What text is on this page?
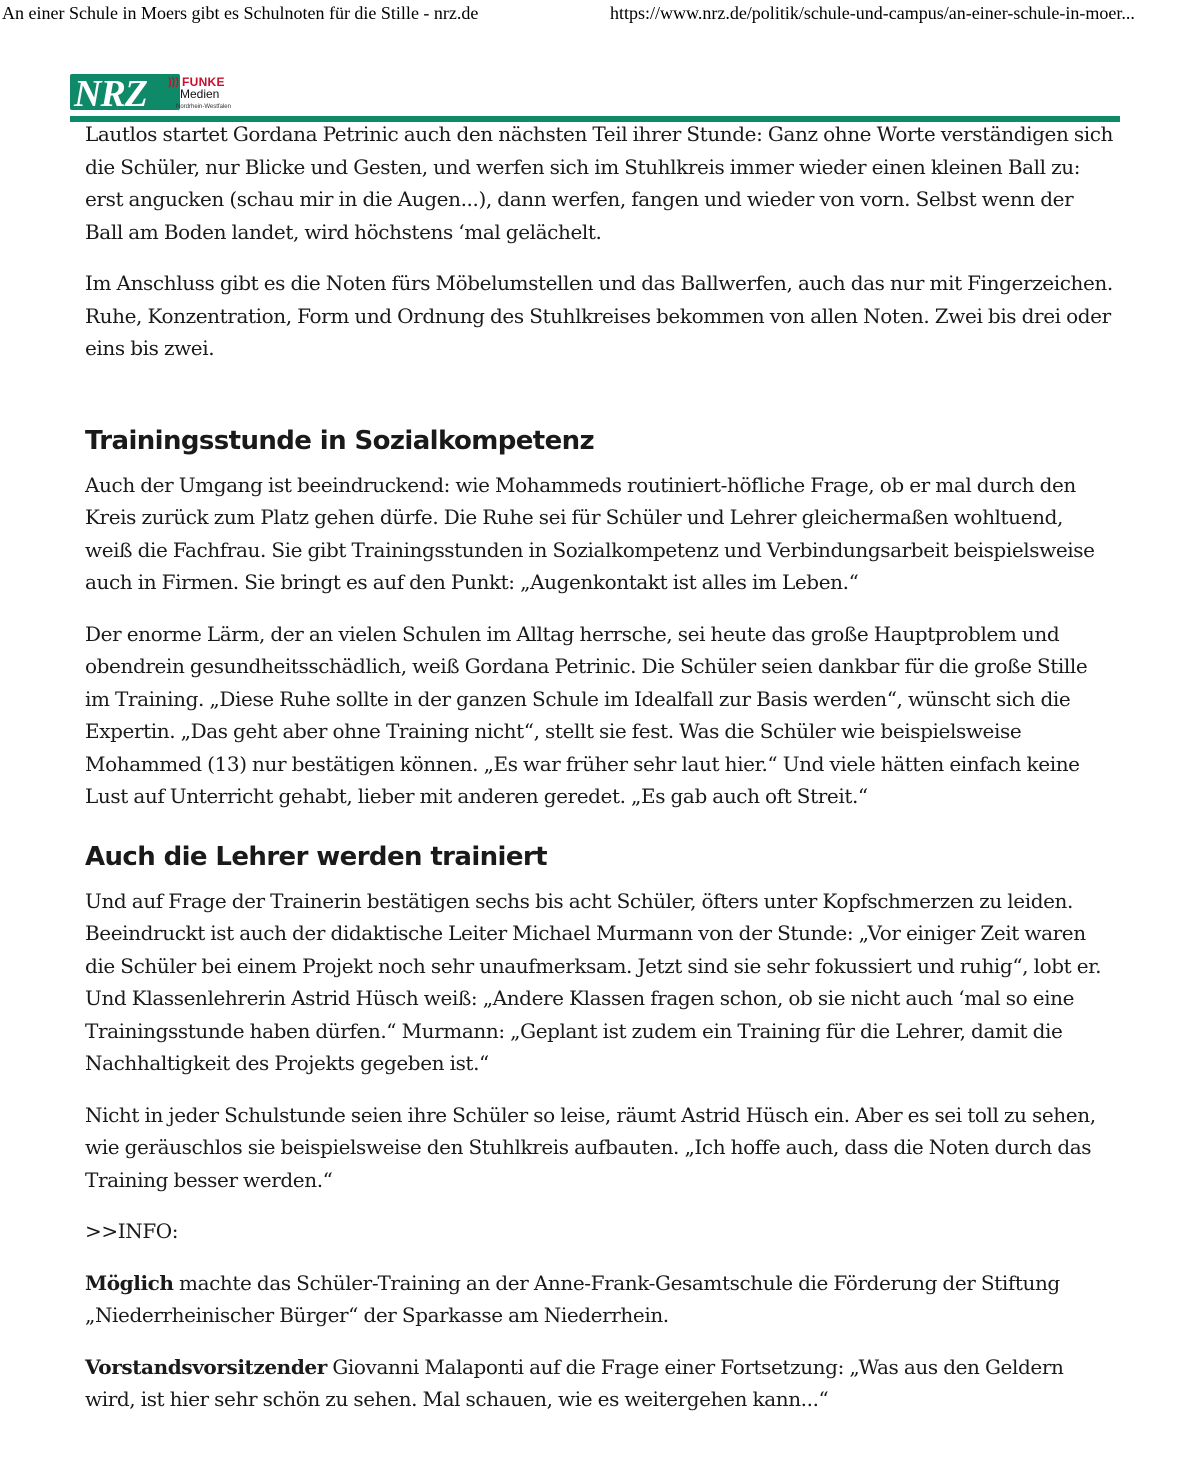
An einer Schule in Moers gibt es Schulnoten für die Stille - nrz.de	https://www.nrz.de/politik/schule-und-campus/an-einer-schule-in-moer...
NRZ ))) FUNKE
Medien
Nordrhein-Westfalen

Lautlos startet Gordana Petrinic auch den nächsten Teil ihrer Stunde: Ganz ohne Worte verständigen sich die Schüler, nur Blicke und Gesten, und werfen sich im Stuhlkreis immer wieder einen kleinen Ball zu: erst angucken (schau mir in die Augen...), dann werfen, fangen und wieder von vorn. Selbst wenn der Ball am Boden landet, wird höchstens ‘mal gelächelt.

Im Anschluss gibt es die Noten fürs Möbelumstellen und das Ballwerfen, auch das nur mit Fingerzeichen. Ruhe, Konzentration, Form und Ordnung des Stuhlkreises bekommen von allen Noten. Zwei bis drei oder eins bis zwei.

Trainingsstunde in Sozialkompetenz

Auch der Umgang ist beeindruckend: wie Mohammeds routiniert-höfliche Frage, ob er mal durch den Kreis zurück zum Platz gehen dürfe. Die Ruhe sei für Schüler und Lehrer gleichermaßen wohltuend, weiß die Fachfrau. Sie gibt Trainingsstunden in Sozialkompetenz und Verbindungsarbeit beispielsweise auch in Firmen. Sie bringt es auf den Punkt: „Augenkontakt ist alles im Leben.“

Der enorme Lärm, der an vielen Schulen im Alltag herrsche, sei heute das große Hauptproblem und obendrein gesundheitsschädlich, weiß Gordana Petrinic. Die Schüler seien dankbar für die große Stille im Training. „Diese Ruhe sollte in der ganzen Schule im Idealfall zur Basis werden“, wünscht sich die Expertin. „Das geht aber ohne Training nicht“, stellt sie fest. Was die Schüler wie beispielsweise Mohammed (13) nur bestätigen können. „Es war früher sehr laut hier.“ Und viele hätten einfach keine Lust auf Unterricht gehabt, lieber mit anderen geredet. „Es gab auch oft Streit.“

Auch die Lehrer werden trainiert

Und auf Frage der Trainerin bestätigen sechs bis acht Schüler, öfters unter Kopfschmerzen zu leiden. Beeindruckt ist auch der didaktische Leiter Michael Murmann von der Stunde: „Vor einiger Zeit waren die Schüler bei einem Projekt noch sehr unaufmerksam. Jetzt sind sie sehr fokussiert und ruhig“, lobt er. Und Klassenlehrerin Astrid Hüsch weiß: „Andere Klassen fragen schon, ob sie nicht auch ‘mal so eine Trainingsstunde haben dürfen.“ Murmann: „Geplant ist zudem ein Training für die Lehrer, damit die Nachhaltigkeit des Projekts gegeben ist.“

Nicht in jeder Schulstunde seien ihre Schüler so leise, räumt Astrid Hüsch ein. Aber es sei toll zu sehen, wie geräuschlos sie beispielsweise den Stuhlkreis aufbauten. „Ich hoffe auch, dass die Noten durch das Training besser werden.“

>>INFO:

Möglich machte das Schüler-Training an der Anne-Frank-Gesamtschule die Förderung der Stiftung „Niederrheinischer Bürger“ der Sparkasse am Niederrhein.

Vorstandsvorsitzender Giovanni Malaponti auf die Frage einer Fortsetzung: „Was aus den Geldern wird, ist hier sehr schön zu sehen. Mal schauen, wie es weitergehen kann...“
